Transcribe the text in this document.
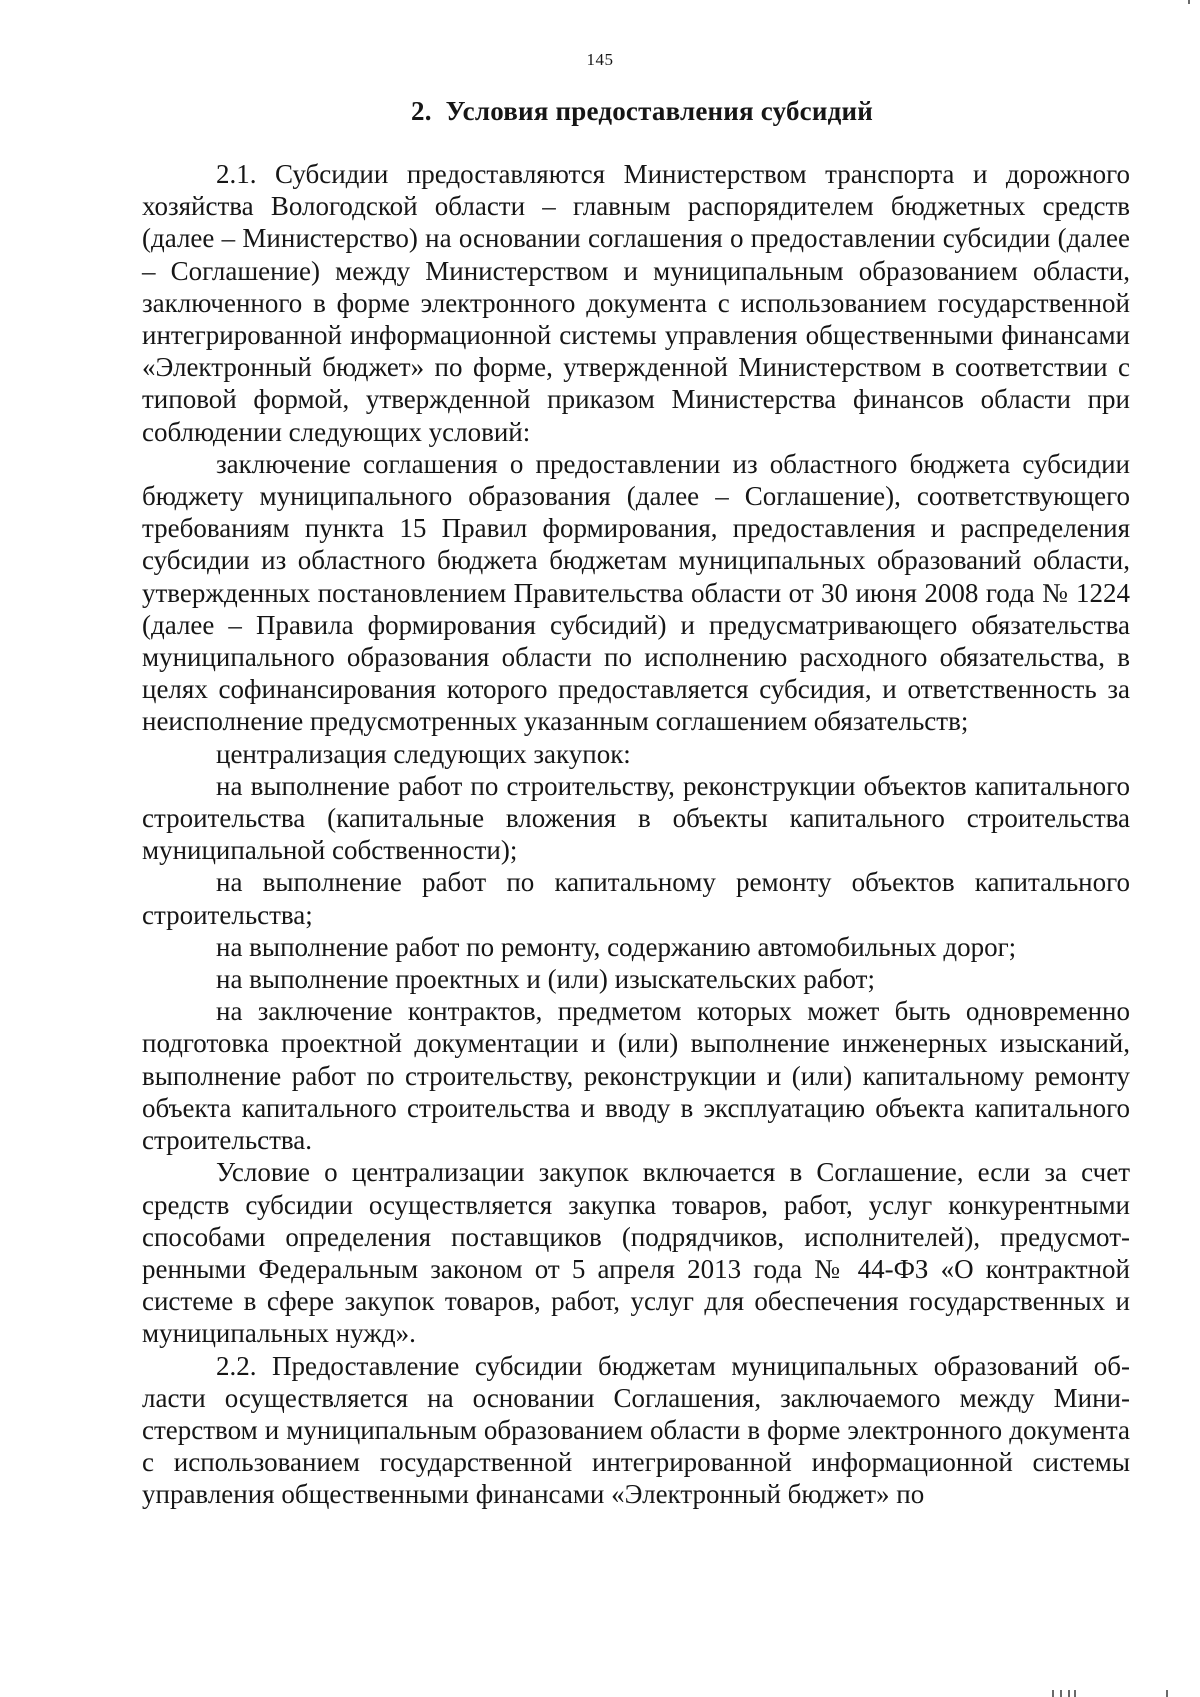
145
2. Условия предоставления субсидий

2.1. Субсидии предоставляются Министерством транспорта и дорожного хозяйства Вологодской области – главным распорядителем бюджетных средств (далее – Министерство) на основании соглашения о предоставлении субсидии (далее – Соглашение) между Министерством и муниципальным образованием области, заключенного в форме электронного документа с использованием государственной интегрированной информационной системы управления общественными финансами «Электронный бюджет» по форме, утвержденной Министерством в соответствии с типовой формой, утвержденной приказом Министерства финансов области при соблюдении следующих условий:

заключение соглашения о предоставлении из областного бюджета субсидии бюджету муниципального образования (далее – Соглашение), соответствующего требованиям пункта 15 Правил формирования, предоставления и распределения субсидии из областного бюджета бюджетам муниципальных образований области, утвержденных постановлением Правительства области от 30 июня 2008 года № 1224 (далее – Правила формирования субсидий) и предусматривающего обязательства муниципального образования области по исполнению расходного обязательства, в целях софинансирования которого предоставляется субсидия, и ответственность за неисполнение предусмотренных указанным соглашением обязательств;

централизация следующих закупок:

на выполнение работ по строительству, реконструкции объектов капитального строительства (капитальные вложения в объекты капитального строительства муниципальной собственности);

на выполнение работ по капитальному ремонту объектов капитального строительства;

на выполнение работ по ремонту, содержанию автомобильных дорог;

на выполнение проектных и (или) изыскательских работ;

на заключение контрактов, предметом которых может быть одновременно подготовка проектной документации и (или) выполнение инженерных изысканий, выполнение работ по строительству, реконструкции и (или) капитальному ремонту объекта капитального строительства и вводу в эксплуатацию объекта капитального строительства.

Условие о централизации закупок включается в Соглашение, если за счет средств субсидии осуществляется закупка товаров, работ, услуг конкурентными способами определения поставщиков (подрядчиков, исполнителей), предусмотренными Федеральным законом от 5 апреля 2013 года № 44-ФЗ «О контрактной системе в сфере закупок товаров, работ, услуг для обеспечения государственных и муниципальных нужд».

2.2. Предоставление субсидии бюджетам муниципальных образований области осуществляется на основании Соглашения, заключаемого между Министерством и муниципальным образованием области в форме электронного документа с использованием государственной интегрированной информационной системы управления общественными финансами «Электронный бюджет» по
